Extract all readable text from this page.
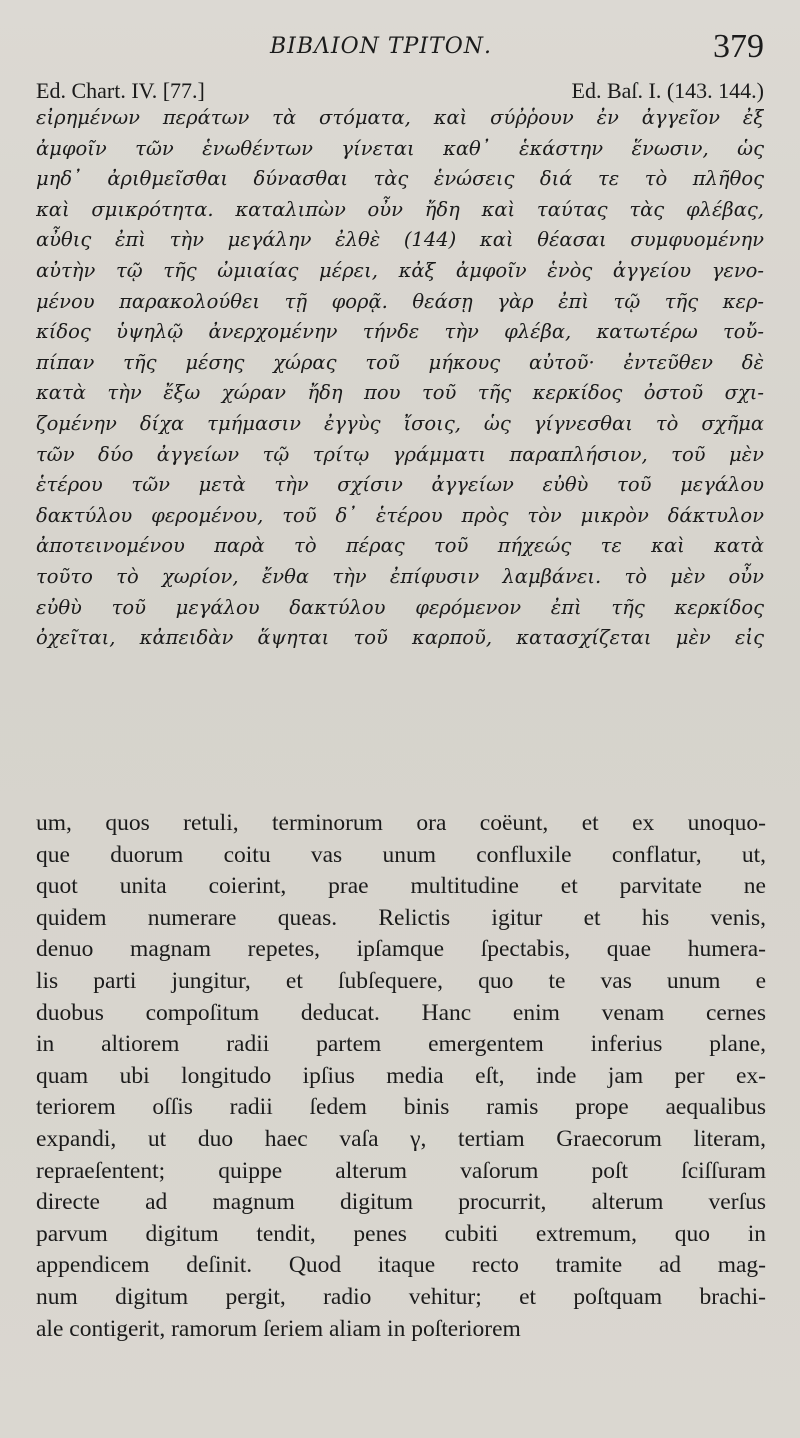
ΒΙΒΛΙΟΝ ΤΡΙΤΟΝ.	379
Ed. Chart. IV. [77.]	Ed. Baſ. I. (143. 144.)
εἰρημένων περάτων τὰ στόματα, καὶ σύῤῥουν ἐν ἀγγεῖον ἐξ
ἀμφοῖν τῶν ἑνωθέντων γίνεται καθ᾽ ἑκάστην ἕνωσιν, ὡς
μηδ᾽ ἀριθμεῖσθαι δύνασθαι τὰς ἑνώσεις διά τε τὸ πλῆθος
καὶ σμικρότητα. καταλιπὼν οὖν ἤδη καὶ ταύτας τὰς φλέβας,
αὖθις ἐπὶ τὴν μεγάλην ἐλθὲ (144) καὶ θέασαι συμφυομένην
αὐτὴν τῷ τῆς ὠμιαίας μέρει, κἀξ ἀμφοῖν ἑνὸς ἀγγείου γενο-
μένου παρακολούθει τῇ φορᾷ. θεάσῃ γὰρ ἐπὶ τῷ τῆς κερ-
κίδος ὑψηλῷ ἀνερχομένην τήνδε τὴν φλέβα, κατωτέρω τοὔ-
πίπαν τῆς μέσης χώρας τοῦ μήκους αὐτοῦ· ἐντεῦθεν δὲ
κατὰ τὴν ἔξω χώραν ἤδη που τοῦ τῆς κερκίδος ὀστοῦ σχι-
ζομένην δίχα τμήμασιν ἐγγὺς ἴσοις, ὡς γίγνεσθαι τὸ σχῆμα
τῶν δύο ἀγγείων τῷ τρίτῳ γράμματι παραπλήσιον, τοῦ μὲν
ἑτέρου τῶν μετὰ τὴν σχίσιν ἀγγείων εὐθὺ τοῦ μεγάλου
δακτύλου φερομένου, τοῦ δ᾽ ἑτέρου πρὸς τὸν μικρὸν δάκτυλον
ἀποτεινομένου παρὰ τὸ πέρας τοῦ πήχεώς τε καὶ κατὰ
τοῦτο τὸ χωρίον, ἔνθα τὴν ἐπίφυσιν λαμβάνει. τὸ μὲν οὖν
εὐθὺ τοῦ μεγάλου δακτύλου φερόμενον ἐπὶ τῆς κερκίδος
ὀχεῖται, κἀπειδὰν ἅψηται τοῦ καρποῦ, κατασχίζεται μὲν εἰς
um, quos retuli, terminorum ora coëunt, et ex unoquo-
que duorum coitu vas unum confluxile conflatur, ut,
quot unita coierint, prae multitudine et parvitate ne
quidem numerare queas. Relictis igitur et his venis,
denuo magnam repetes, ipſamque ſpectabis, quae humera-
lis parti jungitur, et ſubſequere, quo te vas unum e
duobus compoſitum deducat. Hanc enim venam cernes
in altiorem radii partem emergentem inferius plane,
quam ubi longitudo ipſius media eſt, inde jam per ex-
teriorem oſſis radii ſedem binis ramis prope aequalibus
expandi, ut duo haec vaſa γ, tertiam Graecorum literam,
repraeſentent; quippe alterum vaſorum poſt ſciſſuram
directe ad magnum digitum procurrit, alterum verſus
parvum digitum tendit, penes cubiti extremum, quo in
appendicem deſinit. Quod itaque recto tramite ad mag-
num digitum pergit, radio vehitur; et poſtquam brachi-
ale contigerit, ramorum ſeriem aliam in poſteriorem
